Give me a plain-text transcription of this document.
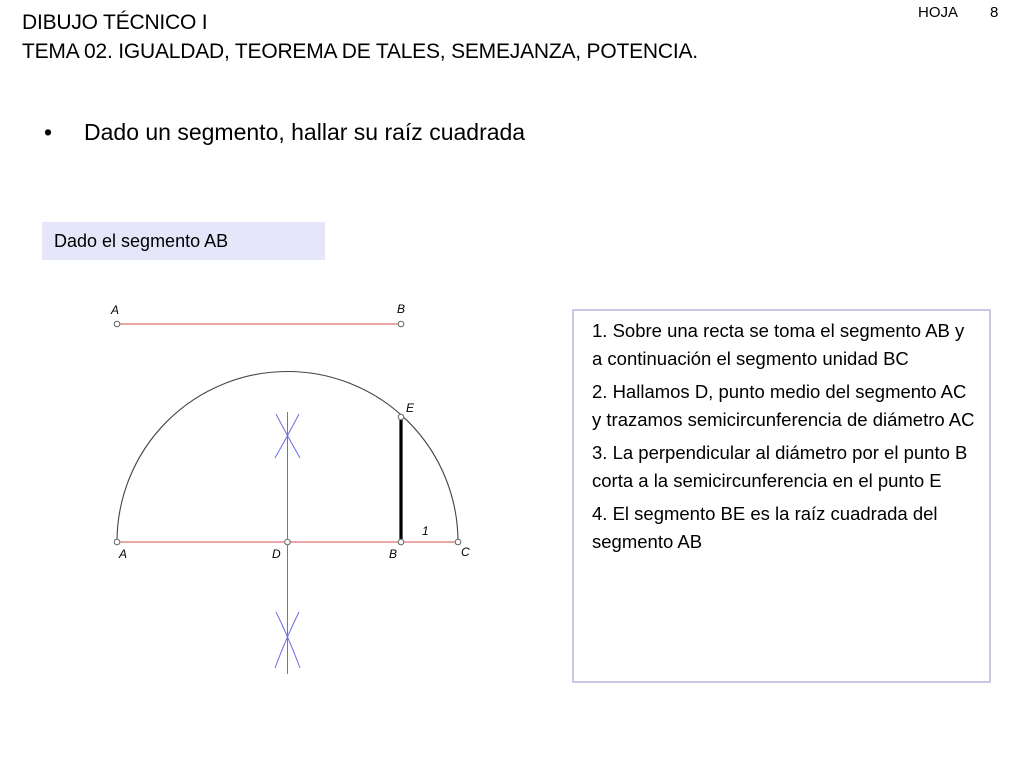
DIBUJO TÉCNICO I
TEMA 02. IGUALDAD, TEOREMA DE TALES, SEMEJANZA, POTENCIA.
HOJA 8
• Dado un segmento, hallar su raíz cuadrada
Dado el segmento AB
1. Sobre una recta se toma el segmento AB y a continuación el segmento unidad BC
2. Hallamos D, punto medio del segmento AC y trazamos semicircunferencia de diámetro AC
3. La perpendicular al diámetro por el punto B corta a la semicircunferencia en el punto E
4. El segmento BE es la raíz cuadrada del segmento AB
A	B
A	D	B	C
E
1
